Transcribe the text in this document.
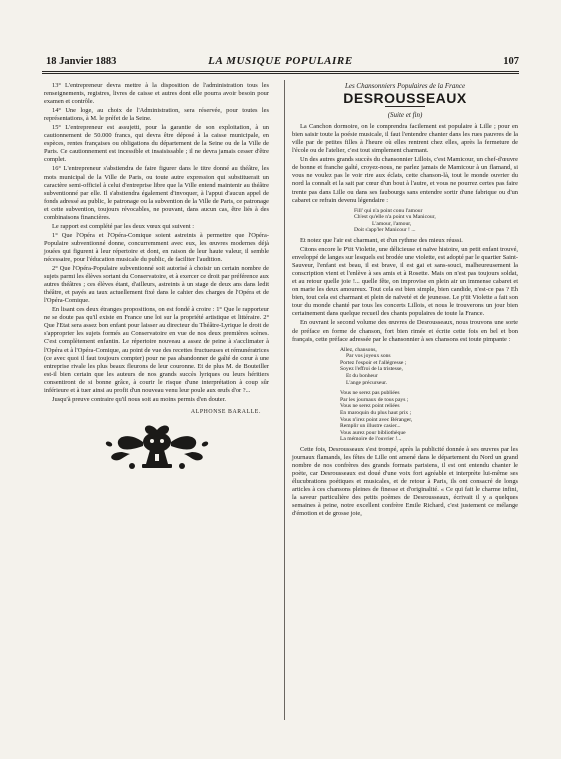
18 Janvier 1883	LA MUSIQUE POPULAIRE	107

13° L'entrepreneur devra mettre à la disposition de l'administration tous les renseignements, registres, livres de caisse et autres dont elle pourra avoir besoin pour examen et contrôle.

14° Une loge, au choix de l'Administration, sera réservée, pour toutes les représentations, à M. le préfet de la Seine.

15° L'entrepreneur est assujetti, pour la garantie de son exploitation, à un cautionnement de 50.000 francs, qui devra être déposé à la caisse municipale, en espèces, rentes françaises ou obligations du département de la Seine ou de la Ville de Paris. Ce cautionnement est incessible et insaisissable ; il ne devra jamais cesser d'être complet.

16° L'entrepreneur s'abstiendra de faire figurer dans le titre donné au théâtre, les mots municipal de la Ville de Paris, ou toute autre expression qui substituerait un caractère semi-officiel à celui d'entreprise libre que la Ville entend maintenir au théâtre subventionné par elle. Il s'abstiendra également d'invoquer, à l'appui d'aucun appel de fonds adressé au public, le patronage ou la subvention de la Ville de Paris, ce patronage et cette subvention, toujours révocables, ne pouvant, dans aucun cas, être liés à des combinaisons financières.

Le rapport est complété par les deux vœux qui suivent :

1° Que l'Opéra et l'Opéra-Comique soient astreints à permettre que l'Opéra-Populaire subventionné donne, concurremment avec eux, les œuvres modernes déjà jouées qui figurent à leur répertoire et dont, en raison de leur haute valeur, il semble nécessaire, pour l'éducation musicale du public, de faciliter l'audition.

2° Que l'Opéra-Populaire subventionné soit autorisé à choisir un certain nombre de sujets parmi les élèves sortant du Conservatoire, et à exercer ce droit par préférence aux autres théâtres ; ces élèves étant, d'ailleurs, astreints à un stage de deux ans dans ledit théâtre, et payés au taux actuellement fixé dans le cahier des charges de l'Opéra et de l'Opéra-Comique.

En lisant ces deux étranges propositions, on est fondé à croire : 1° Que le rapporteur ne se doute pas qu'il existe en France une loi sur la propriété artistique et littéraire. 2° Que l'Etat sera assez bon enfant pour laisser au directeur du Théâtre-Lyrique le droit de s'approprier les sujets formés au Conservatoire en vue de nos deux premières scènes. C'est complètement enfantin. Le répertoire nouveau a assez de peine à s'acclimater à l'Opéra et à l'Opéra-Comique, au point de vue des recettes fructueuses et rémunératrices (ce avec quoi il faut toujours compter) pour ne pas abandonner de gaîté de cœur à une entreprise rivale les plus beaux fleurons de leur couronne. Et de plus M. de Bouteiller est-il bien certain que les auteurs de nos grands succès lyriques ou leurs héritiers consentiront de si bonne grâce, à courir le risque d'une interprétation à coup sûr inférieure et à tuer ainsi au profit d'un nouveau venu leur poule aux œufs d'or ?...

Jusqu'à preuve contraire qu'il nous soit au moins permis d'en douter.

ALPHONSE BARALLE.
Les Chansonniers Populaires de la France
DESROUSSEAUX
(Suite et fin)

La Canchon dormoire, on le comprendra facilement est populaire à Lille ; pour en bien saisir toute la poésie musicale, il faut l'entendre chanter dans les rues pauvres de la ville par de petites filles à l'heure où elles rentrent chez elles, après la fermeture de l'école ou de l'atelier, c'est tout simplement charmant.

Un des autres grands succès du chansonnier Lillois, c'est Mamicour, un chef-d'œuvre de bonne et franche gaîté, croyez-nous, ne parlez jamais de Mamicour à un flamand, si vous ne voulez pas le voir rire aux éclats, cette chanson-là, tout le monde ouvrier du nord la connaît et la sait par cœur d'un bout à l'autre, et vous ne pourrez certes pas faire trente pas dans Lille ou dans ses faubourgs sans entendre sortir d'une fabrique ou d'un cabaret ce refrain devenu légendaire :

Fill' qui n'a point conu l'amour
Ch'est qu'elle n'a point vu Manicour,
L'amour, l'amour,
Doit s'app'ler Manicour ! ...

Et notez que l'air est charmant, et d'un rythme des mieux réussi.

Citons encore le P'tit Violette, une délicieuse et naïve histoire, un petit enfant trouvé, enveloppé de langes sur lesquels est brodée une violette, est adopté par le quartier Saint-Sauveur, l'enfant est beau, il est brave, il est gai et sans-souci, malheureusement la conscription vient et l'enlève à ses amis et à Rosette. Mais on n'est pas toujours soldat, et au retour quelle joie !... quelle fête, on improvise en plein air un immense cabaret et on marie les deux amoureux. Tout cela est bien simple, bien candide, n'est-ce pas ? Eh bien, tout cela est charmant et plein de naïveté et de jeunesse. Le p'tit Violette a fait son tour du monde chanté par tous les concerts Lillois, et nous le trouverons un jour bien certainement dans quelque recueil des chants populaires de toute la France.

En ouvrant le second volume des œuvres de Desrousseaux, nous trouvons une sorte de préface en forme de chanson, fort bien rimée et écrite cette fois en bel et bon français, cette préface adressée par le chansonnier à ses chansons est toute pimpante :

Allez, chansons,
Par vos joyeux sons
Portez l'espoir et l'allégresse ;
Soyez l'effroi de la tristesse,
Et du bonheur
L'ange précurseur.
Vous ne serez pas publiées
Par les journaux de tous pays ;
Vous ne serez point reliées
En maroquin du plus haut prix ;
Vous n'irez point avec Béranger,
Remplir un illustre casier...
Vous aurez pour bibliothèque
La mémoire de l'ouvrier !...

Cette fois, Desrousseaux s'est trompé, après la publicité donnée à ses œuvres par les journaux flamands, les fêtes de Lille ont amené dans le département du Nord un grand nombre de nos confrères des grands formats parisiens, il est ont entendu chanter le poète, car Desrousseaux est doué d'une voix fort agréable et interprète lui-même ses élucubrations poétiques et musicales, et de retour à Paris, ils ont consacré de longs articles à ces chansons pleines de finesse et d'originalité. « Ce qui fait le charme infini, la saveur particulière des petits poèmes de Desrousseaux, écrivait il y a quelques semaines à peine, notre excellent confrère Emile Richard, c'est justement ce mélange d'émotion et de grosse joie,
